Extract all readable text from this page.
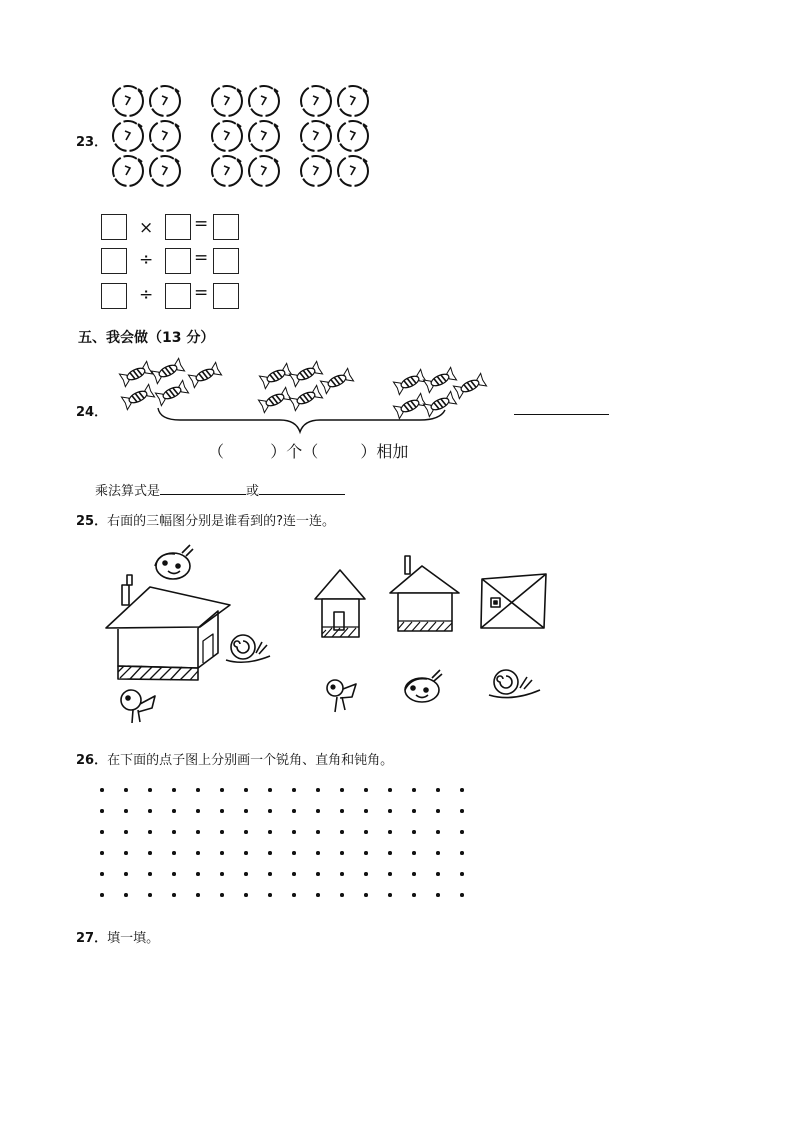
23．
× =
÷ =
÷ =
五、我会做（13 分）
24．
（	）个（	）相加
乘法算式是	或
25．右面的三幅图分别是谁看到的?连一连。
26．在下面的点子图上分别画一个锐角、直角和钝角。
27．填一填。
